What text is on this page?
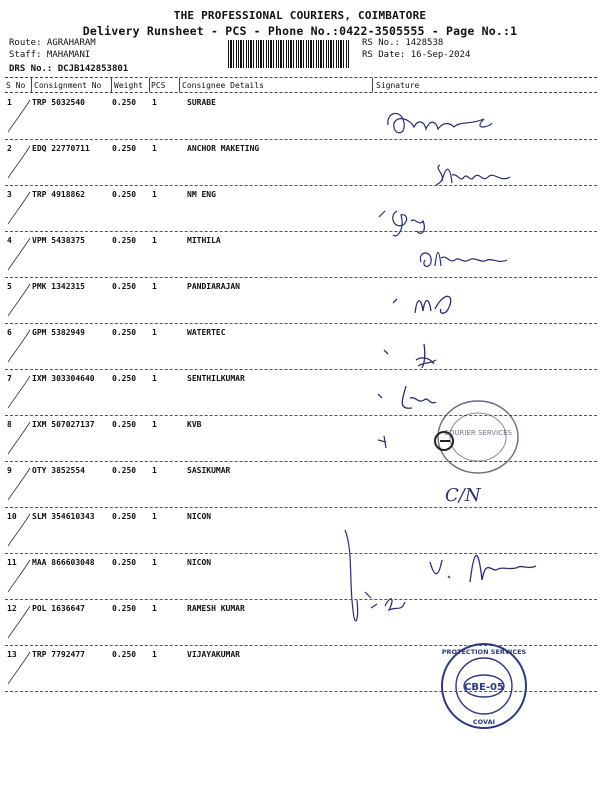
THE PROFESSIONAL COURIERS, COIMBATORE
Delivery Runsheet - PCS - Phone No.:0422-3505555 - Page No.:1
Route: AGRAHARAM
Staff: MAHAMANI
DRS No.: DCJB142853801
RS No.: 1428538
RS Date: 16-Sep-2024
S No Consignment No Weight PCS Consignee Details	Signature
1	TRP 5032540	0.250 1	SURABE
2	EDQ 22770711	0.250 1	ANCHOR MAKETING
3	TRP 4918862	0.250 1	NM ENG
4	VPM 5438375	0.250 1	MITHILA
5	PMK 1342315	0.250 1	PANDIARAJAN
6	GPM 5382949	0.250 1	WATERTEC
7	IXM 303304640 0.250 1	SENTHILKUMAR
8	IXM 507027137 0.250 1	KVB
9	OTY 3852554	0.250 1	SASIKUMAR
10 SLM 354610343 0.250 1	NICON
11 MAA 866603048 0.250 1	NICON
12 POL 1636647	0.250 1	RAMESH KUMAR
13 TRP 7792477	0.250 1	VIJAYAKUMAR
C/N
COURIER SERVICES
CBE-05
PROTECTION SERVICES
COVAI
